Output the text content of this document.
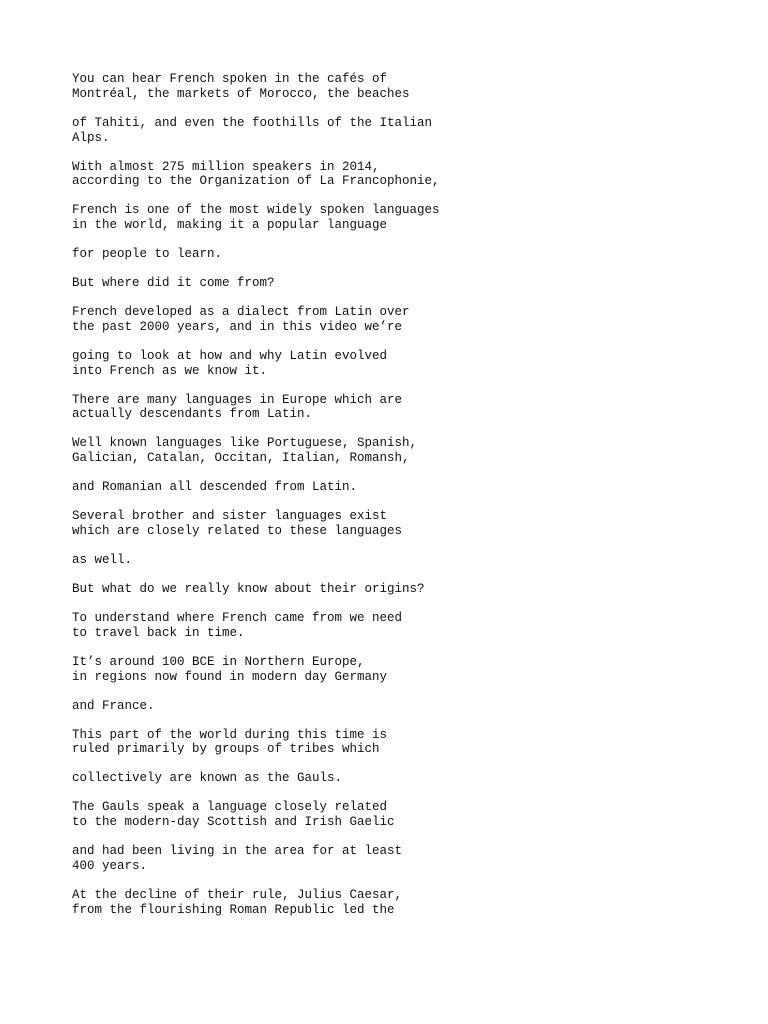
You can hear French spoken in the cafés of
Montréal, the markets of Morocco, the beaches

of Tahiti, and even the foothills of the Italian
Alps.

With almost 275 million speakers in 2014,
according to the Organization of La Francophonie,

French is one of the most widely spoken languages
in the world, making it a popular language

for people to learn.

But where did it come from?

French developed as a dialect from Latin over
the past 2000 years, and in this video we’re

going to look at how and why Latin evolved
into French as we know it.

There are many languages in Europe which are
actually descendants from Latin.

Well known languages like Portuguese, Spanish,
Galician, Catalan, Occitan, Italian, Romansh,

and Romanian all descended from Latin.

Several brother and sister languages exist
which are closely related to these languages

as well.

But what do we really know about their origins?

To understand where French came from we need
to travel back in time.

It’s around 100 BCE in Northern Europe,
in regions now found in modern day Germany

and France.

This part of the world during this time is
ruled primarily by groups of tribes which

collectively are known as the Gauls.

The Gauls speak a language closely related
to the modern-day Scottish and Irish Gaelic

and had been living in the area for at least
400 years.

At the decline of their rule, Julius Caesar,
from the flourishing Roman Republic led the
